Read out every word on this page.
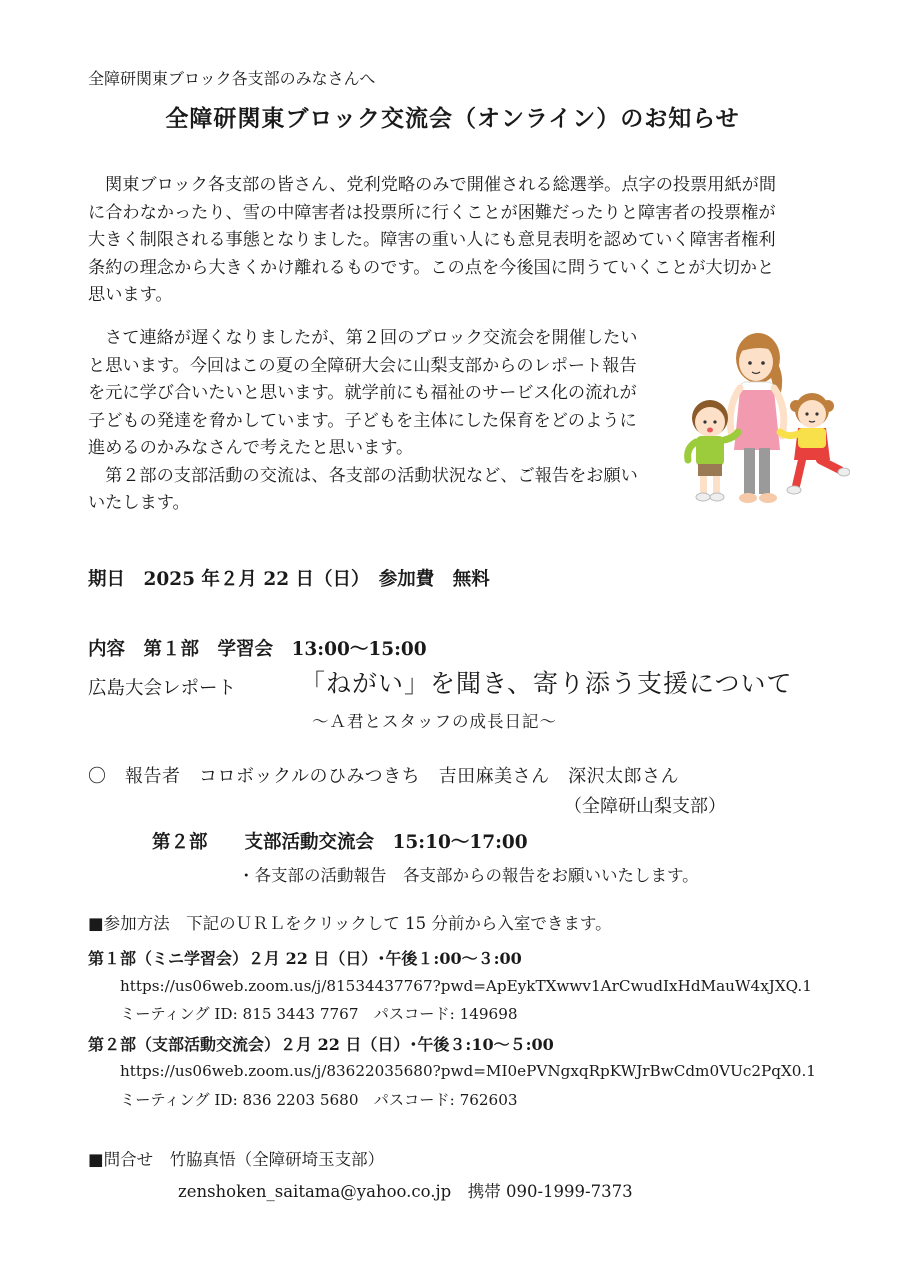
全障研関東ブロック各支部のみなさんへ
全障研関東ブロック交流会（オンライン）のお知らせ
関東ブロック各支部の皆さん、党利党略のみで開催される総選挙。点字の投票用紙が間
に合わなかったり、雪の中障害者は投票所に行くことが困難だったりと障害者の投票権が
大きく制限される事態となりました。障害の重い人にも意見表明を認めていく障害者権利
条約の理念から大きくかけ離れるものです。この点を今後国に問うていくことが大切かと
思います。
さて連絡が遅くなりましたが、第２回のブロック交流会を開催したい
と思います。今回はこの夏の全障研大会に山梨支部からのレポート報告
を元に学び合いたいと思います。就学前にも福祉のサービス化の流れが
子どもの発達を脅かしています。子どもを主体にした保育をどのように
進めるのかみなさんで考えたと思います。
第２部の支部活動の交流は、各支部の活動状況など、ご報告をお願い
いたします。
期日　2025 年２月 22 日（日）　参加費　無料
内容　第１部　学習会　13:00〜15:00
広島大会レポート	「ねがい」を聞き、寄り添う支援について
〜Ａ君とスタッフの成長日記〜
〇　報告者　コロボックルのひみつきち　吉田麻美さん　深沢太郎さん
（全障研山梨支部）
第２部　　支部活動交流会　15:10〜17:00
・各支部の活動報告　各支部からの報告をお願いいたします。
■参加方法　下記のＵＲＬをクリックして 15 分前から入室できます。
第１部（ミニ学習会）２月 22 日（日）･午後１:00〜３:00
https://us06web.zoom.us/j/81534437767?pwd=ApEykTXwwv1ArCwudIxHdMauW4xJXQ.1
ミーティング ID: 815 3443 7767　パスコード: 149698
第２部（支部活動交流会）２月 22 日（日）･午後３:10〜５:00
https://us06web.zoom.us/j/83622035680?pwd=MI0ePVNgxqRpKWJrBwCdm0VUc2PqX0.1
ミーティング ID: 836 2203 5680　パスコード: 762603
■問合せ　竹脇真悟（全障研埼玉支部）
zenshoken_saitama@yahoo.co.jp　携帯 090-1999-7373
